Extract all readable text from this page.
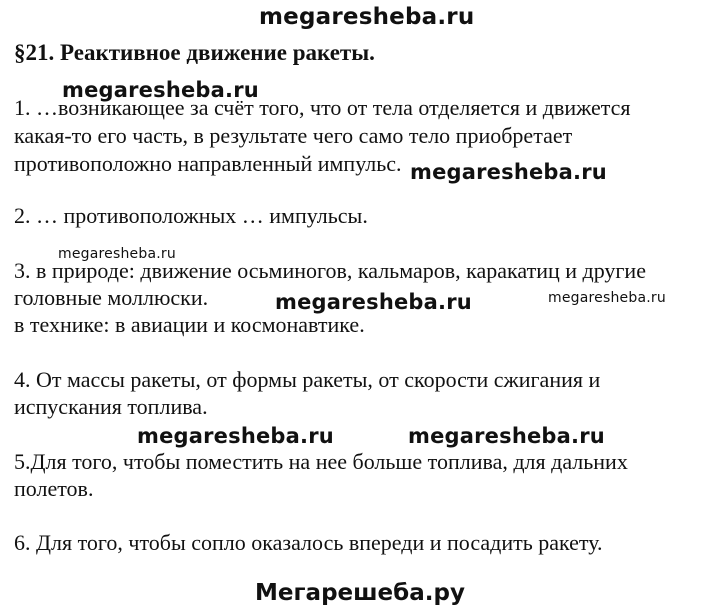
megaresheba.ru
§21. Реактивное движение ракеты.
megaresheba.ru
1. …возникающее за счёт того, что от тела отделяется и движется
какая-то его часть, в результате чего само тело приобретает
противоположно направленный импульс. megaresheba.ru
2. … противоположных … импульсы.
megaresheba.ru
3. в природе: движение осьминогов, кальмаров, каракатиц и другие
головные моллюски.	megaresheba.ru	megaresheba.ru
в технике: в авиации и космонавтике.
4. От массы ракеты, от формы ракеты, от скорости сжигания и
испускания топлива.
megaresheba.ru	megaresheba.ru
5.Для того, чтобы поместить на нее больше топлива, для дальних
полетов.
6. Для того, чтобы сопло оказалось впереди и посадить ракету.
Мегарешеба.ру
